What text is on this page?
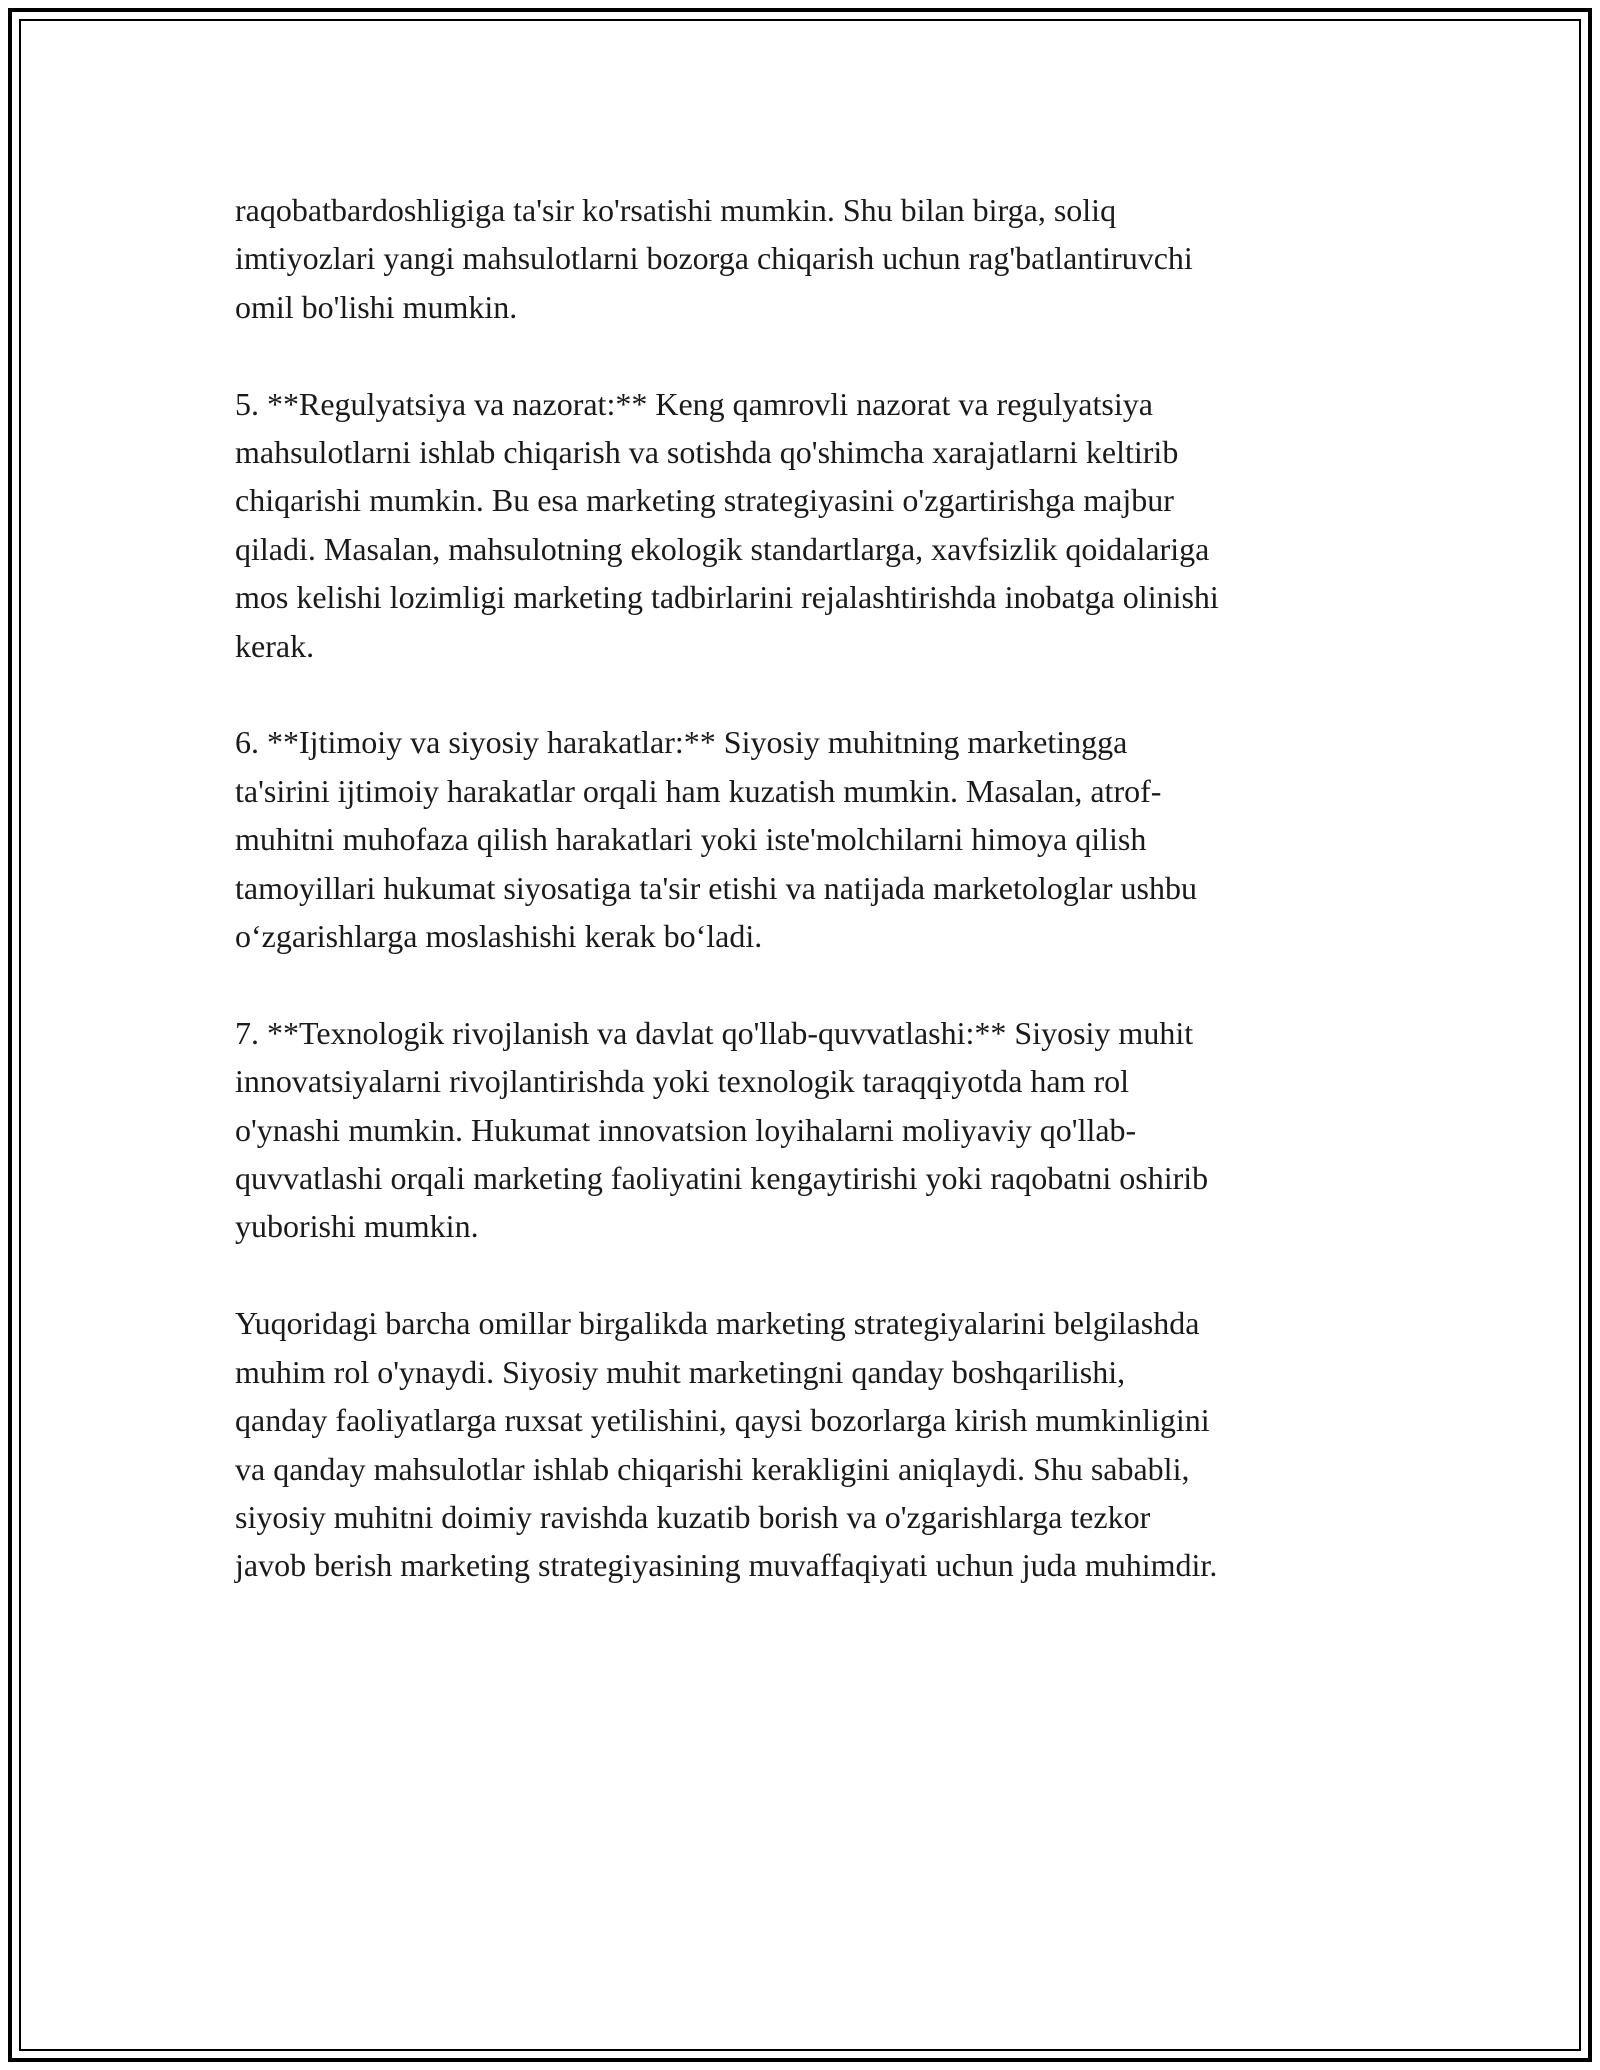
raqobatbardoshligiga ta'sir ko'rsatishi mumkin. Shu bilan birga, soliq
imtiyozlari yangi mahsulotlarni bozorga chiqarish uchun rag'batlantiruvchi
omil bo'lishi mumkin.

5. **Regulyatsiya va nazorat:** Keng qamrovli nazorat va regulyatsiya
mahsulotlarni ishlab chiqarish va sotishda qo'shimcha xarajatlarni keltirib
chiqarishi mumkin. Bu esa marketing strategiyasini o'zgartirishga majbur
qiladi. Masalan, mahsulotning ekologik standartlarga, xavfsizlik qoidalariga
mos kelishi lozimligi marketing tadbirlarini rejalashtirishda inobatga olinishi
kerak.

6. **Ijtimoiy va siyosiy harakatlar:** Siyosiy muhitning marketingga
ta'sirini ijtimoiy harakatlar orqali ham kuzatish mumkin. Masalan, atrof-
muhitni muhofaza qilish harakatlari yoki iste'molchilarni himoya qilish
tamoyillari hukumat siyosatiga ta'sir etishi va natijada marketologlar ushbu
o‘zgarishlarga moslashishi kerak bo‘ladi.

7. **Texnologik rivojlanish va davlat qo'llab-quvvatlashi:** Siyosiy muhit
innovatsiyalarni rivojlantirishda yoki texnologik taraqqiyotda ham rol
o'ynashi mumkin. Hukumat innovatsion loyihalarni moliyaviy qo'llab-
quvvatlashi orqali marketing faoliyatini kengaytirishi yoki raqobatni oshirib
yuborishi mumkin.

Yuqoridagi barcha omillar birgalikda marketing strategiyalarini belgilashda
muhim rol o'ynaydi. Siyosiy muhit marketingni qanday boshqarilishi,
qanday faoliyatlarga ruxsat yetilishini, qaysi bozorlarga kirish mumkinligini
va qanday mahsulotlar ishlab chiqarishi kerakligini aniqlaydi. Shu sababli,
siyosiy muhitni doimiy ravishda kuzatib borish va o'zgarishlarga tezkor
javob berish marketing strategiyasining muvaffaqiyati uchun juda muhimdir.
